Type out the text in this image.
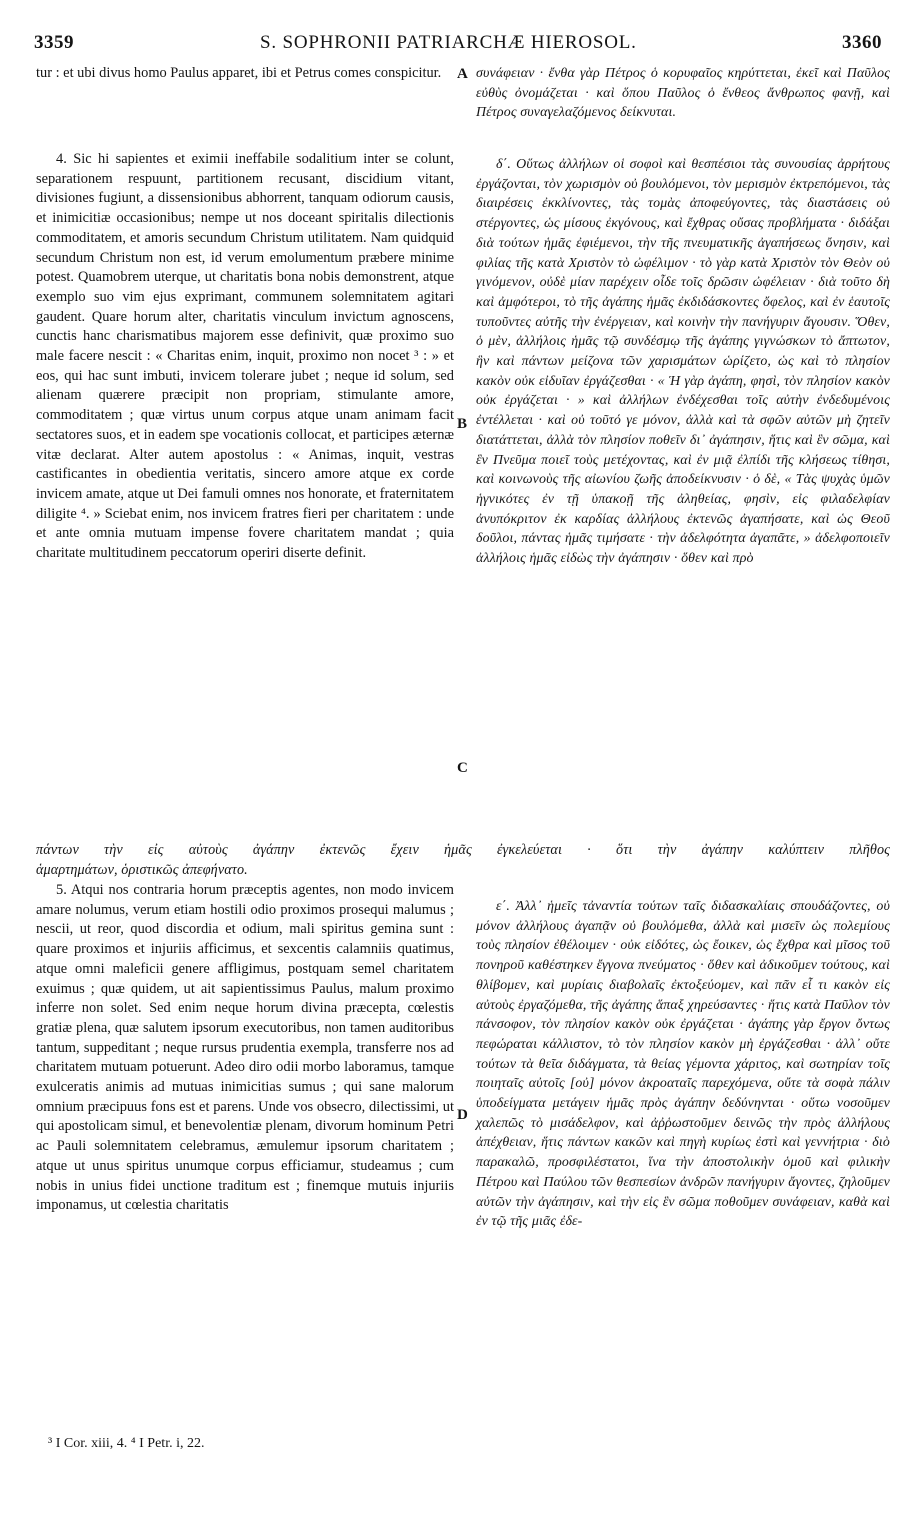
3359	S. SOPHRONII PATRIARCHÆ HIEROSOL.	3360

tur : et ubi divus homo Paulus apparet, ibi et Petrus comes conspicitur.

4. Sic hi sapientes et eximii ineffabile sodalitium inter se colunt, separationem respuunt, partitionem recusant, discidium vitant, divisiones fugiunt, a dissensionibus abhorrent, tanquam odiorum causis, et inimicitiæ occasionibus; nempe ut nos doceant spiritalis dilectionis commoditatem, et amoris secundum Christum utilitatem. Nam quidquid secundum Christum non est, id verum emolumentum præbere minime potest. Quamobrem uterque, ut charitatis bona nobis demonstrent, atque exemplo suo vim ejus exprimant, communem solemnitatem agitari gaudent. Quare horum alter, charitatis vinculum invictum agnoscens, cunctis hanc charismatibus majorem esse definivit, quæ proximo suo male facere nescit : « Charitas enim, inquit, proximo non nocet ³ : » et eos, qui hac sunt imbuti, invicem tolerare jubet ; neque id solum, sed alienam quærere præcipit non propriam, stimulante amore, commoditatem ; quæ virtus unum corpus atque unam animam facit sectatores suos, et in eadem spe vocationis collocat, et participes æternæ vitæ declarat. Alter autem apostolus : « Animas, inquit, vestras castificantes in obedientia veritatis, sincero amore atque ex corde invicem amate, atque ut Dei famuli omnes nos honorate, et fraternitatem diligite ⁴. » Sciebat enim, nos invicem fratres fieri per charitatem : unde et ante omnia mutuam impense fovere charitatem mandat ; quia charitate multitudinem peccatorum operiri diserte definit.

5. Atqui nos contraria horum præceptis agentes, non modo invicem amare nolumus, verum etiam hostili odio proximos prosequi malumus ; nescii, ut reor, quod discordia et odium, mali spiritus gemina sunt : quare proximos et injuriis afficimus, et sexcentis calamniis quatimus, atque omni maleficii genere affligimus, postquam semel charitatem exuimus ; quæ quidem, ut ait sapientissimus Paulus, malum proximo inferre non solet. Sed enim neque horum divina præcepta, cœlestis gratiæ plena, quæ salutem ipsorum executoribus, non tamen auditoribus tantum, suppeditant ; neque rursus prudentia exempla, transferre nos ad charitatem mutuam potuerunt. Adeo diro odii morbo laboramus, tamque exulceratis animis ad mutuas inimicitias sumus ; qui sane malorum omnium præcipuus fons est et parens. Unde vos obsecro, dilectissimi, ut qui apostolicam simul, et benevolentiæ plenam, divorum hominum Petri ac Pauli solemnitatem celebramus, æmulemur ipsorum charitatem ; atque ut unus spiritus unumque corpus efficiamur, studeamus ; cum nobis in unius fidei unctione traditum est ; finemque mutuis injuriis imponamus, ut cœlestia charitatis

συνάφειαν · ἔνθα γὰρ Πέτρος ὁ κορυφαῖος κηρύττεται, ἐκεῖ καὶ Παῦλος εὐθὺς ὀνομάζεται · καὶ ὅπου Παῦλος ὁ ἔνθεος ἄνθρωπος φανῇ, καὶ Πέτρος συναγελαζόμενος δείκνυται.

δ΄. Οὕτως ἀλλήλων οἱ σοφοὶ καὶ θεσπέσιοι τὰς συνουσίας ἀρρήτους ἐργάζονται, τὸν χωρισμὸν οὐ βουλόμενοι, τὸν μερισμὸν ἐκτρεπόμενοι, τὰς διαιρέσεις ἐκκλίνοντες, τὰς τομὰς ἀποφεύγοντες, τὰς διαστάσεις οὐ στέργοντες, ὡς μίσους ἐκγόνους, καὶ ἔχθρας οὔσας προβλήματα · διδάξαι διὰ τούτων ἡμᾶς ἐφιέμενοι, τὴν τῆς πνευματικῆς ἀγαπήσεως ὄνησιν, καὶ φιλίας τῆς κατὰ Χριστὸν τὸ ὠφέλιμον · τὸ γὰρ κατὰ Χριστὸν τὸν Θεὸν οὐ γινόμενον, οὐδὲ μίαν παρέχειν οἶδε τοῖς δρῶσιν ὠφέλειαν · διὰ τοῦτο δὴ καὶ ἀμφότεροι, τὸ τῆς ἀγάπης ἡμᾶς ἐκδιδάσκοντες ὄφελος, καὶ ἐν ἑαυτοῖς τυποῦντες αὐτῆς τὴν ἐνέργειαν, καὶ κοινὴν τὴν πανήγυριν ἄγουσιν. Ὅθεν, ὁ μὲν, ἀλλήλοις ἡμᾶς τῷ συνδέσμῳ τῆς ἀγάπης γιγνώσκων τὸ ἄπτωτον, ἣν καὶ πάντων μείζονα τῶν χαρισμάτων ὡρίζετο, ὡς καὶ τὸ πλησίον κακὸν οὐκ εἰδυῖαν ἐργάζεσθαι · « Ἡ γὰρ ἀγάπη, φησὶ, τὸν πλησίον κακὸν οὐκ ἐργάζεται · » καὶ ἀλλήλων ἐνδέχεσθαι τοῖς αὐτὴν ἐνδεδυμένοις ἐντέλλεται · καὶ οὐ τοῦτό γε μόνον, ἀλλὰ καὶ τὰ σφῶν αὐτῶν μὴ ζητεῖν διατάττεται, ἀλλὰ τὸν πλησίον ποθεῖν δι᾽ ἀγάπησιν, ἥτις καὶ ἓν σῶμα, καὶ ἓν Πνεῦμα ποιεῖ τοὺς μετέχοντας, καὶ ἐν μιᾷ ἐλπίδι τῆς κλήσεως τίθησι, καὶ κοινωνοὺς τῆς αἰωνίου ζωῆς ἀποδείκνυσιν · ὁ δὲ, « Τὰς ψυχὰς ὑμῶν ἡγνικότες ἐν τῇ ὑπακοῇ τῆς ἀληθείας, φησὶν, εἰς φιλαδελφίαν ἀνυπόκριτον ἐκ καρδίας ἀλλήλους ἐκτενῶς ἀγαπήσατε, καὶ ὡς Θεοῦ δοῦλοι, πάντας ἡμᾶς τιμήσατε · τὴν ἀδελφότητα ἀγαπᾶτε, » ἀδελφοποιεῖν ἀλλήλοις ἡμᾶς εἰδὼς τὴν ἀγάπησιν · ὅθεν καὶ πρὸ

ε΄. Ἀλλ᾽ ἡμεῖς τἀναντία τούτων ταῖς διδασκαλίαις σπουδάζοντες, οὐ μόνον ἀλλήλους ἀγαπᾷν οὐ βουλόμεθα, ἀλλὰ καὶ μισεῖν ὡς πολεμίους τοὺς πλησίον ἐθέλοιμεν · οὐκ εἰδότες, ὡς ἔοικεν, ὡς ἔχθρα καὶ μῖσος τοῦ πονηροῦ καθέστηκεν ἔγγονα πνεύματος · ὅθεν καὶ ἀδικοῦμεν τούτους, καὶ θλίβομεν, καὶ μυρίαις διαβολαῖς ἐκτοξεύομεν, καὶ πᾶν εἶ τι κακὸν εἰς αὐτοὺς ἐργαζόμεθα, τῆς ἀγάπης ἅπαξ χηρεύσαντες · ἥτις κατὰ Παῦλον τὸν πάνσοφον, τὸν πλησίον κακὸν οὐκ ἐργάζεται · ἀγάπης γὰρ ἔργον ὄντως πεφώραται κάλλιστον, τὸ τὸν πλησίον κακὸν μὴ ἐργάζεσθαι · ἀλλ᾽ οὔτε τούτων τὰ θεῖα διδάγματα, τὰ θείας γέμοντα χάριτος, καὶ σωτηρίαν τοῖς ποιηταῖς αὐτοῖς [οὐ] μόνον ἀκροαταῖς παρεχόμενα, οὔτε τὰ σοφὰ πάλιν ὑποδείγματα μετάγειν ἡμᾶς πρὸς ἀγάπην δεδύνηνται · οὕτω νοσοῦμεν χαλεπῶς τὸ μισάδελφον, καὶ ἀῤῥωστοῦμεν δεινῶς τὴν πρὸς ἀλλήλους ἀπέχθειαν, ἥτις πάντων κακῶν καὶ πηγὴ κυρίως ἐστὶ καὶ γεννήτρια · διὸ παρακαλῶ, προσφιλέστατοι, ἵνα τὴν ἀποστολικὴν ὁμοῦ καὶ φιλικὴν Πέτρου καὶ Παύλου τῶν θεσπεσίων ἀνδρῶν πανήγυριν ἄγοντες, ζηλοῦμεν αὐτῶν τὴν ἀγάπησιν, καὶ τὴν εἰς ἓν σῶμα ποθοῦμεν συνάφειαν, καθὰ καὶ ἐν τῷ τῆς μιᾶς ἐδε-

A
B
C
D
πάντων τὴν εἰς αὐτοὺς ἀγάπην ἐκτενῶς ἔχειν ἡμᾶς ἐγκελεύεται · ὅτι τὴν ἀγάπην καλύπτειν πλῆθος
ἁμαρτημάτων, ὁριστικῶς ἀπεφήνατο.
³ I Cor. xiii, 4. ⁴ I Petr. i, 22.
